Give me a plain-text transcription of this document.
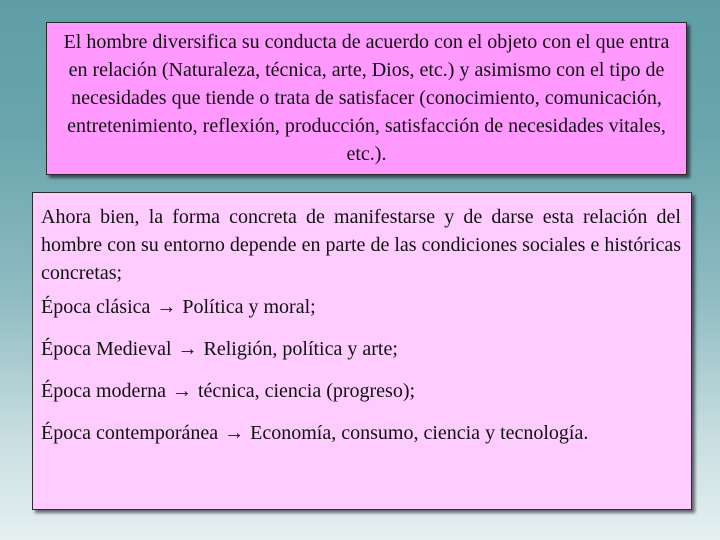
El hombre diversifica su conducta de acuerdo con el objeto con el que entra en relación (Naturaleza, técnica, arte, Dios, etc.) y asimismo con el tipo de necesidades que tiende o trata de satisfacer (conocimiento, comunicación, entretenimiento, reflexión, producción, satisfacción de necesidades vitales, etc.).

Ahora bien, la forma concreta de manifestarse y de darse esta relación del hombre con su entorno depende en parte de las condiciones sociales e históricas concretas;

Época clásica → Política y moral;

Época Medieval → Religión, política y arte;

Época moderna → técnica, ciencia (progreso);

Época contemporánea → Economía, consumo, ciencia y tecnología.
